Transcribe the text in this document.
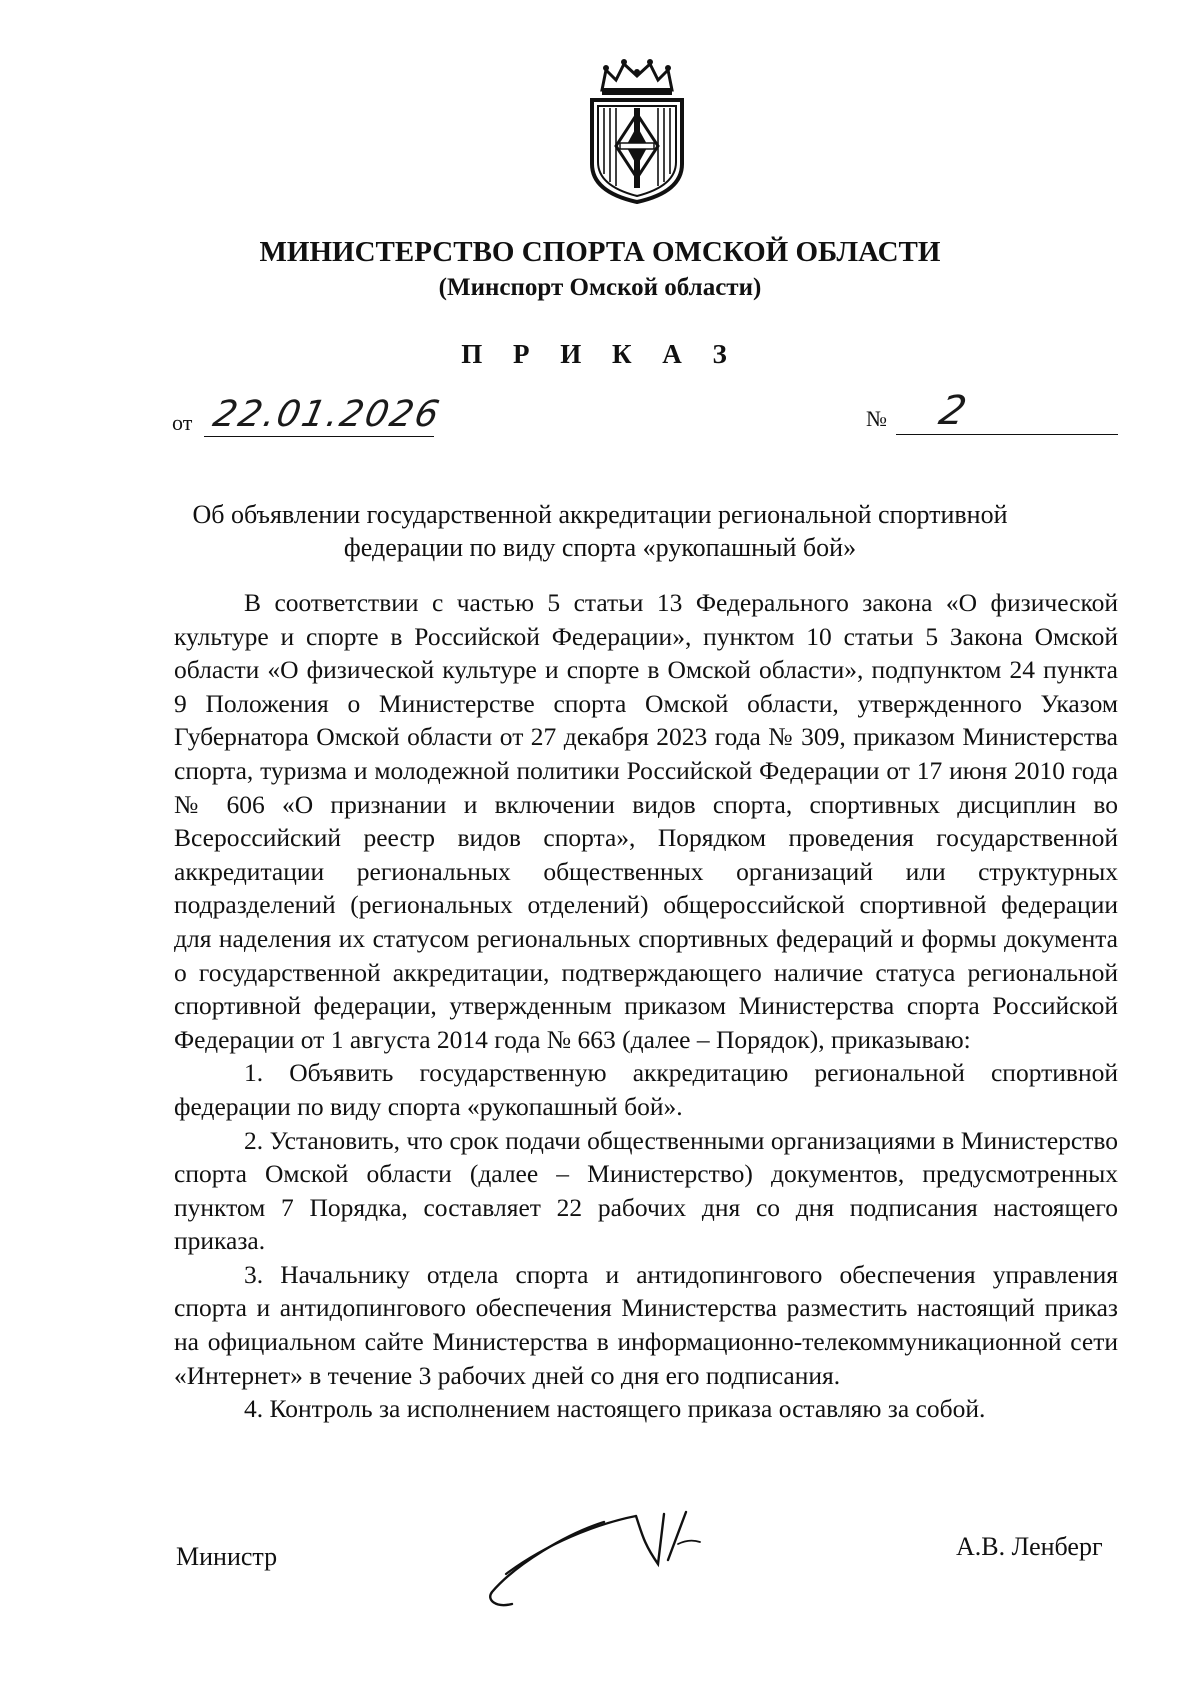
МИНИСТЕРСТВО СПОРТА ОМСКОЙ ОБЛАСТИ
(Минспорт Омской области)
П Р И К А З
от 22.01.2026	№ 2
Об объявлении государственной аккредитации региональной спортивной федерации по виду спорта «рукопашный бой»

В соответствии с частью 5 статьи 13 Федерального закона «О физической культуре и спорте в Российской Федерации», пунктом 10 статьи 5 Закона Омской области «О физической культуре и спорте в Омской области», подпунктом 24 пункта 9 Положения о Министерстве спорта Омской области, утвержденного Указом Губернатора Омской области от 27 декабря 2023 года № 309, приказом Министерства спорта, туризма и молодежной политики Российской Федерации от 17 июня 2010 года № 606 «О признании и включении видов спорта, спортивных дисциплин во Всероссийский реестр видов спорта», Порядком проведения государственной аккредитации региональных общественных организаций или структурных подразделений (региональных отделений) общероссийской спортивной федерации для наделения их статусом региональных спортивных федераций и формы документа о государственной аккредитации, подтверждающего наличие статуса региональной спортивной федерации, утвержденным приказом Министерства спорта Российской Федерации от 1 августа 2014 года № 663 (далее – Порядок), приказываю:

1. Объявить государственную аккредитацию региональной спортивной федерации по виду спорта «рукопашный бой».

2. Установить, что срок подачи общественными организациями в Министерство спорта Омской области (далее – Министерство) документов, предусмотренных пунктом 7 Порядка, составляет 22 рабочих дня со дня подписания настоящего приказа.

3. Начальнику отдела спорта и антидопингового обеспечения управления спорта и антидопингового обеспечения Министерства разместить настоящий приказ на официальном сайте Министерства в информационно-телекоммуникационной сети «Интернет» в течение 3 рабочих дней со дня его подписания.

4. Контроль за исполнением настоящего приказа оставляю за собой.

Министр	А.В. Ленберг
